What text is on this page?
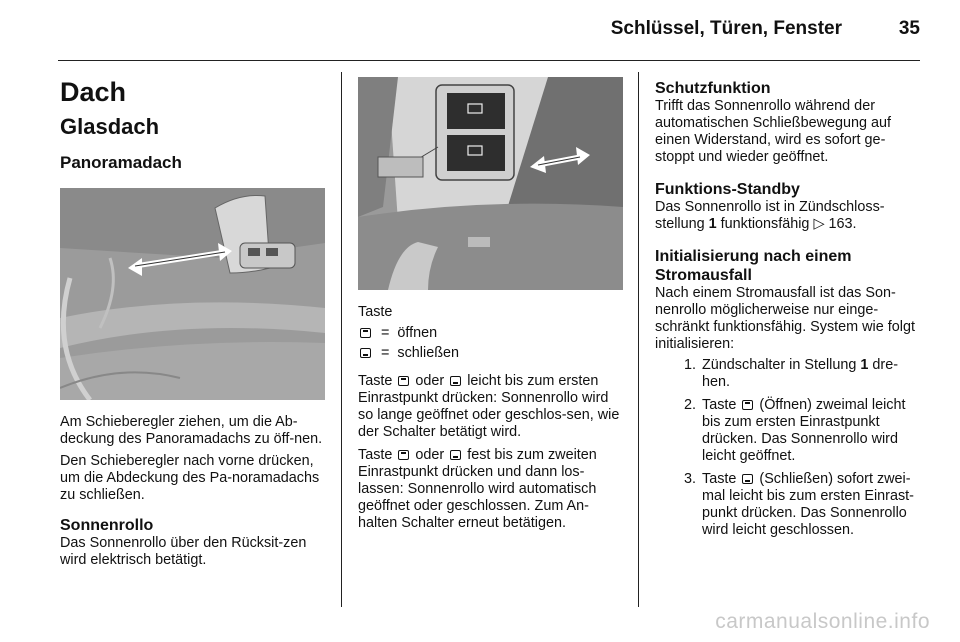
Schlüssel, Türen, Fenster	35
Dach
Glasdach
Panoramadach

Am Schieberegler ziehen, um die Ab-deckung des Panoramadachs zu öff-nen.

Den Schieberegler nach vorne drücken, um die Abdeckung des Pa-noramadachs zu schließen.

Sonnenrollo

Das Sonnenrollo über den Rücksit-zen wird elektrisch betätigt.

Taste

= öffnen
= schließen

Taste oder leicht bis zum ersten Einrastpunkt drücken: Sonnenrollo wird so lange geöffnet oder geschlos-sen, wie der Schalter betätigt wird.

Taste oder fest bis zum zweiten Einrastpunkt drücken und dann los-lassen: Sonnenrollo wird automatisch geöffnet oder geschlossen. Zum An-halten Schalter erneut betätigen.

Schutzfunktion

Trifft das Sonnenrollo während der automatischen Schließbewegung auf einen Widerstand, wird es sofort ge-stoppt und wieder geöffnet.

Funktions-Standby

Das Sonnenrollo ist in Zündschloss-stellung 1 funktionsfähig ▷ 163.

Initialisierung nach einem Stromausfall

Nach einem Stromausfall ist das Son-nenrollo möglicherweise nur einge-schränkt funktionsfähig. System wie folgt initialisieren:

1. Zündschalter in Stellung 1 dre-hen.
2. Taste (Öffnen) zweimal leicht bis zum ersten Einrastpunkt drücken. Das Sonnenrollo wird leicht geöffnet.
3. Taste (Schließen) sofort zwei-mal leicht bis zum ersten Einrast-punkt drücken. Das Sonnenrollo wird leicht geschlossen.
carmanualsonline.info
